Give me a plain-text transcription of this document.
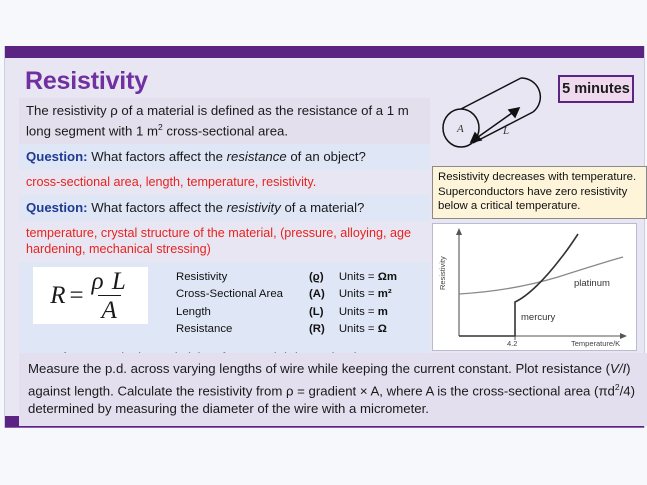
Resistivity
The resistivity ρ of a material is defined as the resistance of a 1 m long segment with 1 $m^2$ cross-sectional area.
Question: What factors affect the resistance of an object?
cross-sectional area, length, temperature, resistivity.
Question: What factors affect the resistivity of a material?
temperature, crystal structure of the material, (pressure, alloying, age hardening, mechanical stressing)
$R = \frac{\text{ρ L}}{A}$	Resistivity	(ϱ)	Units = Ωm
Cross-Sectional Area	(A)	Units = m²
Length	(L)	Units = m
Resistance	(R)	Units = Ω
Measure the p.d. across varying lengths of wire while keeping the current constant. Plot resistance (V/I) against length. Calculate the resistivity from ρ = gradient × A, where A is the cross-sectional area $(\pi d^2/4)$ determined by measuring the diameter of the wire with a micrometer.
5 minutes
L
A
Resistivity decreases with temperature.
Superconductors have zero resistivity
below a critical temperature.
Resistivity
Temperature/K
4.2
platinum
mercury
